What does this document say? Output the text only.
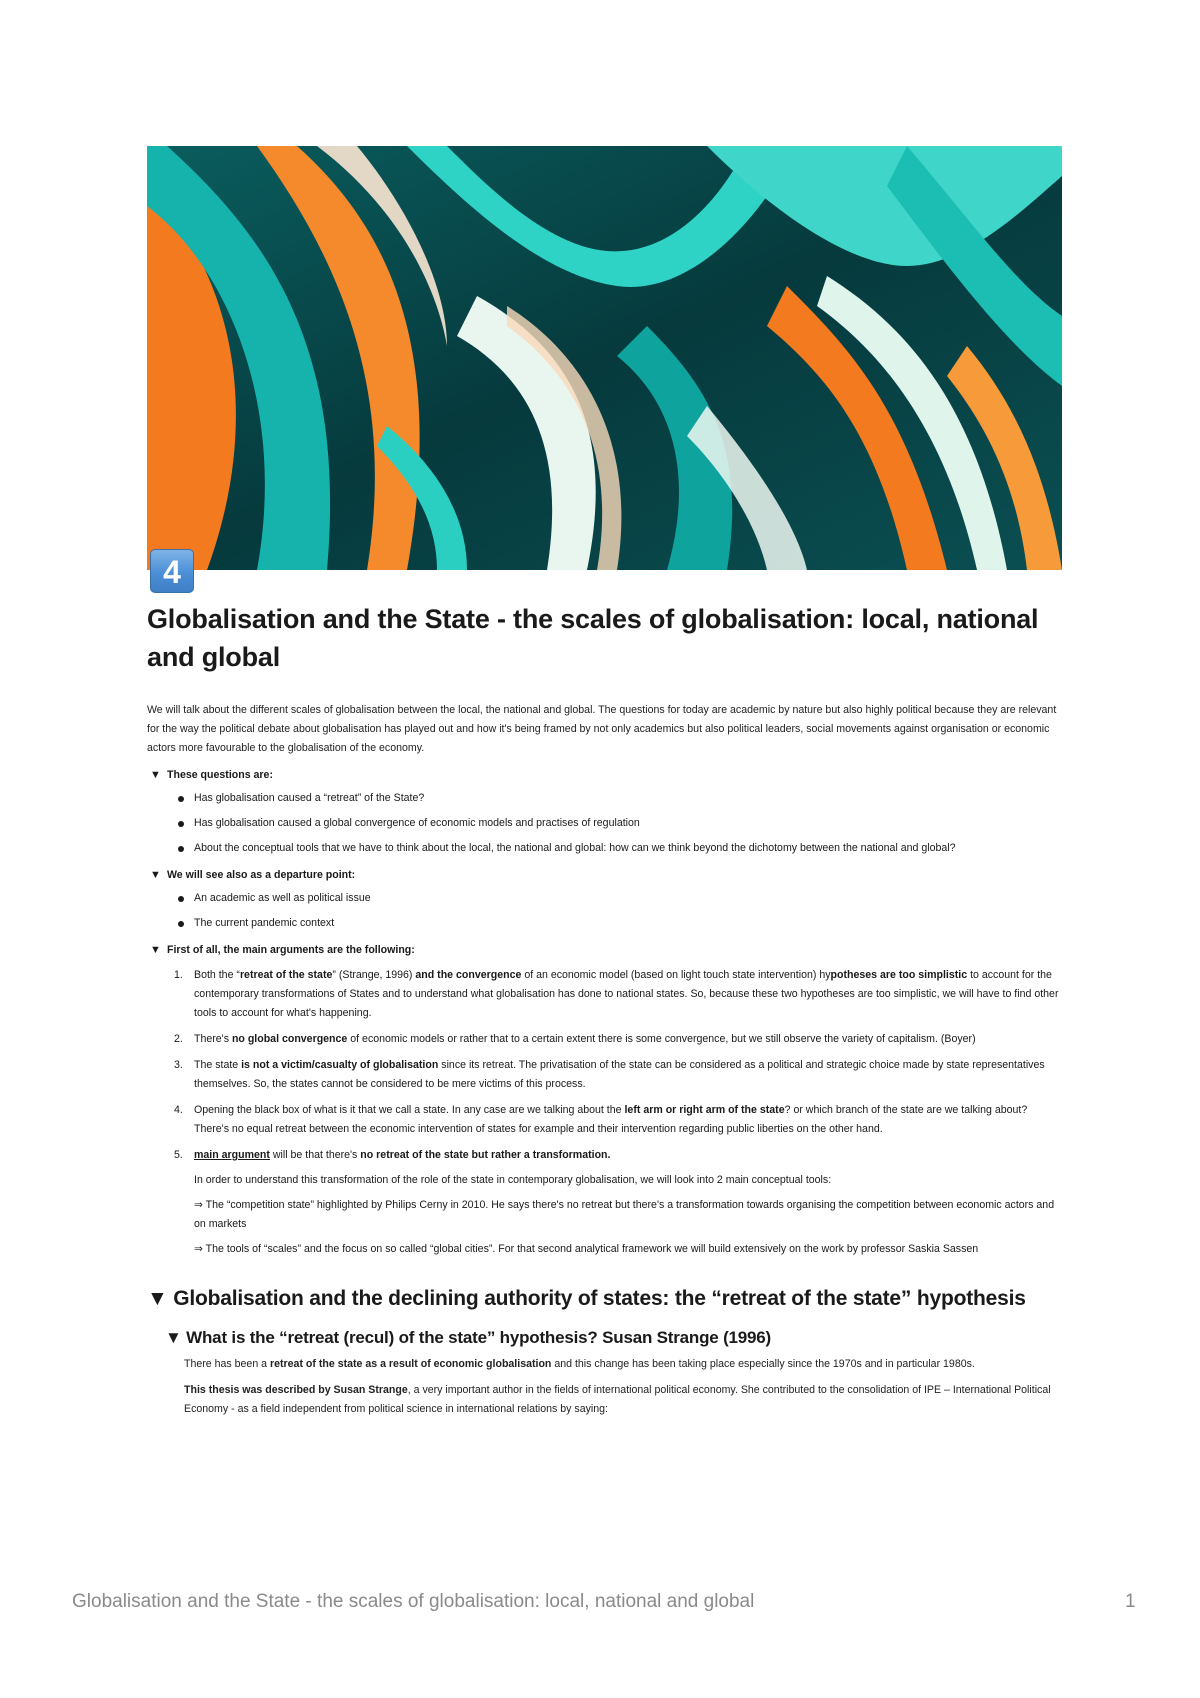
4
Globalisation and the State - the scales of globalisation: local, national and global

We will talk about the different scales of globalisation between the local, the national and global. The questions for today are academic by nature but also highly political because they are relevant for the way the political debate about globalisation has played out and how it's being framed by not only academics but also political leaders, social movements against organisation or economic actors more favourable to the globalisation of the economy.

▼ These questions are:
Has globalisation caused a “retreat” of the State?
Has globalisation caused a global convergence of economic models and practises of regulation
About the conceptual tools that we have to think about the local, the national and global: how can we think beyond the dichotomy between the national and global?
▼ We will see also as a departure point:
An academic as well as political issue
The current pandemic context
▼ First of all, the main arguments are the following:
1. Both the “retreat of the state” (Strange, 1996) and the convergence of an economic model (based on light touch state intervention) hypotheses are too simplistic to account for the contemporary transformations of States and to understand what globalisation has done to national states. So, because these two hypotheses are too simplistic, we will have to find other tools to account for what's happening.
2. There's no global convergence of economic models or rather that to a certain extent there is some convergence, but we still observe the variety of capitalism. (Boyer)
3. The state is not a victim/casualty of globalisation since its retreat. The privatisation of the state can be considered as a political and strategic choice made by state representatives themselves. So, the states cannot be considered to be mere victims of this process.
4. Opening the black box of what is it that we call a state. In any case are we talking about the left arm or right arm of the state? or which branch of the state are we talking about? There's no equal retreat between the economic intervention of states for example and their intervention regarding public liberties on the other hand.
5. main argument will be that there's no retreat of the state but rather a transformation.
In order to understand this transformation of the role of the state in contemporary globalisation, we will look into 2 main conceptual tools:
⇒ The “competition state” highlighted by Philips Cerny in 2010. He says there's no retreat but there's a transformation towards organising the competition between economic actors and on markets
⇒ The tools of “scales” and the focus on so called “global cities”. For that second analytical framework we will build extensively on the work by professor Saskia Sassen
▼ Globalisation and the declining authority of states: the “retreat of the state” hypothesis
▼ What is the “retreat (recul) of the state” hypothesis? Susan Strange (1996)

There has been a retreat of the state as a result of economic globalisation and this change has been taking place especially since the 1970s and in particular 1980s.

This thesis was described by Susan Strange, a very important author in the fields of international political economy. She contributed to the consolidation of IPE – International Political Economy - as a field independent from political science in international relations by saying:

Globalisation and the State - the scales of globalisation: local, national and global	1
